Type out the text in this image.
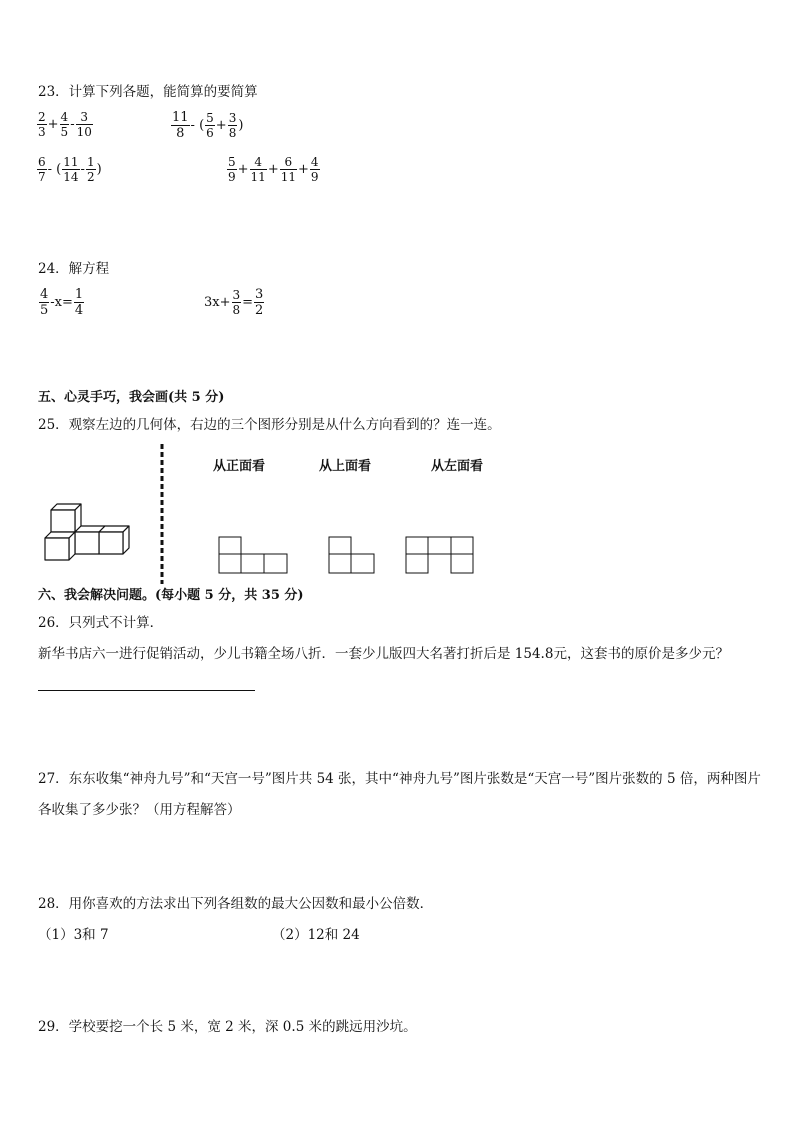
23．计算下列各题，能简算的要简算
$\frac{2}{3} + \frac{4}{5} - \frac{3}{10}$	$\frac{11}{8}$ - ( $\frac{5}{6} + \frac{3}{8}$ )
$\frac{6}{7}$ - ( $\frac{11}{14} - \frac{1}{2}$ )	$\frac{5}{9} + \frac{4}{11} + \frac{6}{11} + \frac{4}{9}$
24．解方程
$\frac{4}{5} -x= \frac{1}{4}$	$3x+ \frac{3}{8} = \frac{3}{2}$
五、心灵手巧，我会画(共 5 分)
25．观察左边的几何体，右边的三个图形分别是从什么方向看到的？连一连。
从正面看	从上面看	从左面看
六、我会解决问题。(每小题 5 分，共 35 分)
26．只列式不计算．
新华书店六一进行促销活动，少儿书籍全场八折．一套少儿版四大名著打折后是 154.8元，这套书的原价是多少元？
27．东东收集“神舟九号”和“天宫一号”图片共 54 张，其中“神舟九号”图片张数是“天宫一号”图片张数的 5 倍，两种图片
各收集了多少张？（用方程解答）
28．用你喜欢的方法求出下列各组数的最大公因数和最小公倍数．
（1）3和 7	（2）12和 24
29．学校要挖一个长 5 米，宽 2 米，深 0.5 米的跳远用沙坑。
